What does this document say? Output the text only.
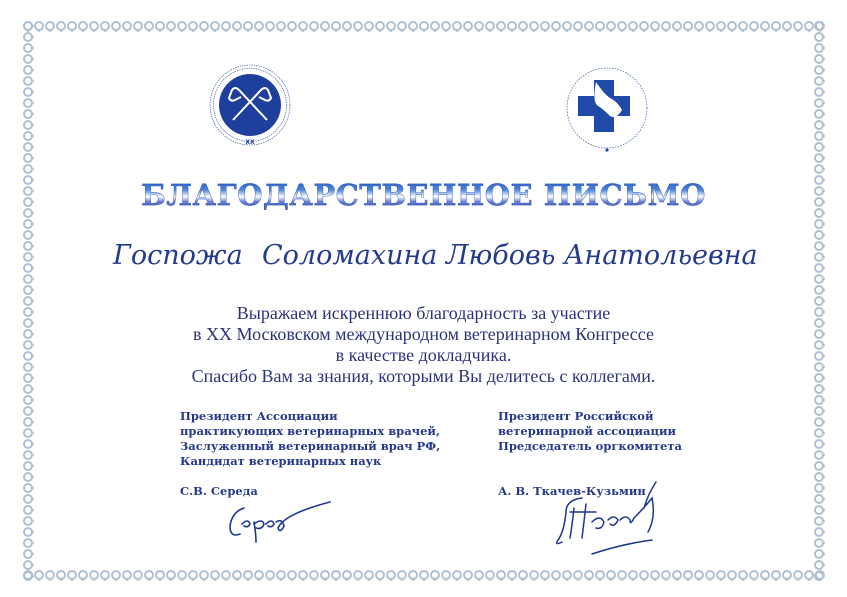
XX
БЛАГОДАРСТВЕННОЕ ПИСЬМО
Госпожа Соломахина Любовь Анатольевна
Выражаем искреннюю благодарность за участие
в XX Московском международном ветеринарном Конгрессе
в качестве докладчика.
Спасибо Вам за знания, которыми Вы делитесь с коллегами.
Президент Ассоциации
практикующих ветеринарных врачей,
Заслуженный ветеринарный врач РФ,
Кандидат ветеринарных наук
С.В. Середа
Президент Российской
ветеринарной ассоциации
Председатель оргкомитета
А. В. Ткачев-Кузьмин
